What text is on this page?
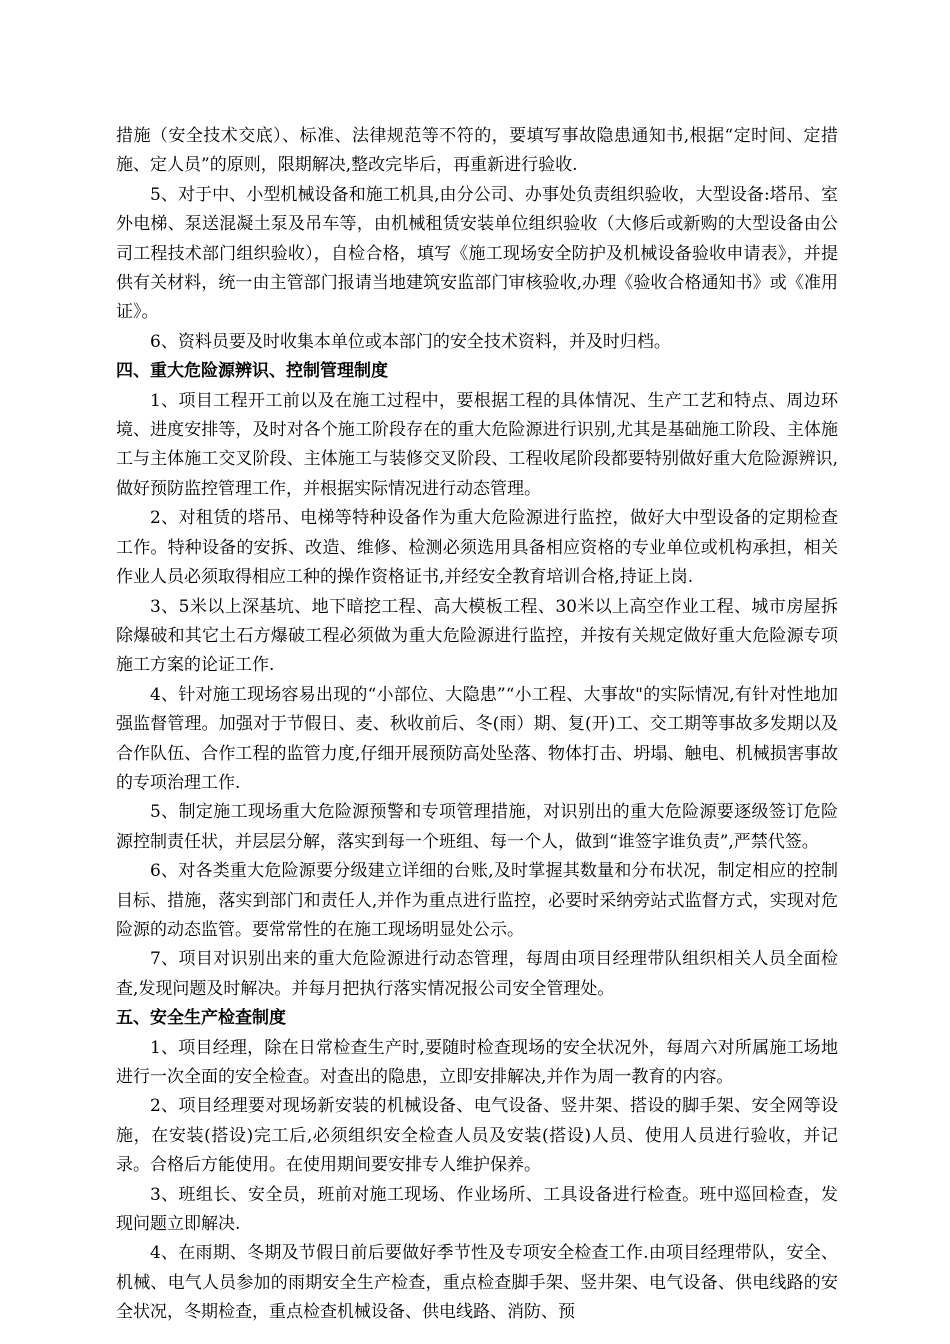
措施（安全技术交底）、标准、法律规范等不符的，要填写事故隐患通知书,根据“定时间、定措施、定人员”的原则，限期解决,整改完毕后，再重新进行验收.

5、对于中、小型机械设备和施工机具,由分公司、办事处负责组织验收，大型设备:塔吊、室外电梯、泵送混凝土泵及吊车等，由机械租赁安装单位组织验收（大修后或新购的大型设备由公司工程技术部门组织验收），自检合格，填写《施工现场安全防护及机械设备验收申请表》，并提供有关材料，统一由主管部门报请当地建筑安监部门审核验收,办理《验收合格通知书》或《准用证》。

6、资料员要及时收集本单位或本部门的安全技术资料，并及时归档。

四、重大危险源辨识、控制管理制度

1、项目工程开工前以及在施工过程中，要根据工程的具体情况、生产工艺和特点、周边环境、进度安排等，及时对各个施工阶段存在的重大危险源进行识别,尤其是基础施工阶段、主体施工与主体施工交叉阶段、主体施工与装修交叉阶段、工程收尾阶段都要特别做好重大危险源辨识,做好预防监控管理工作，并根据实际情况进行动态管理。

2、对租赁的塔吊、电梯等特种设备作为重大危险源进行监控，做好大中型设备的定期检查工作。特种设备的安拆、改造、维修、检测必须选用具备相应资格的专业单位或机构承担，相关作业人员必须取得相应工种的操作资格证书,并经安全教育培训合格,持证上岗.

3、5米以上深基坑、地下暗挖工程、高大模板工程、30米以上高空作业工程、城市房屋拆除爆破和其它土石方爆破工程必须做为重大危险源进行监控，并按有关规定做好重大危险源专项施工方案的论证工作.

4、针对施工现场容易出现的“小部位、大隐患”“小工程、大事故"的实际情况,有针对性地加强监督管理。加强对于节假日、麦、秋收前后、冬(雨）期、复(开)工、交工期等事故多发期以及合作队伍、合作工程的监管力度,仔细开展预防高处坠落、物体打击、坍塌、触电、机械损害事故的专项治理工作.

5、制定施工现场重大危险源预警和专项管理措施，对识别出的重大危险源要逐级签订危险源控制责任状，并层层分解，落实到每一个班组、每一个人，做到“谁签字谁负责”,严禁代签。

6、对各类重大危险源要分级建立详细的台账,及时掌握其数量和分布状况，制定相应的控制目标、措施，落实到部门和责任人,并作为重点进行监控，必要时采纳旁站式监督方式，实现对危险源的动态监管。要常常性的在施工现场明显处公示。

7、项目对识别出来的重大危险源进行动态管理，每周由项目经理带队组织相关人员全面检查,发现问题及时解决。并每月把执行落实情况报公司安全管理处。

五、安全生产检查制度

1、项目经理，除在日常检查生产时,要随时检查现场的安全状况外，每周六对所属施工场地进行一次全面的安全检查。对查出的隐患，立即安排解决,并作为周一教育的内容。

2、项目经理要对现场新安装的机械设备、电气设备、竖井架、搭设的脚手架、安全网等设施，在安装(搭设)完工后,必须组织安全检查人员及安装(搭设)人员、使用人员进行验收，并记录。合格后方能使用。在使用期间要安排专人维护保养。

3、班组长、安全员，班前对施工现场、作业场所、工具设备进行检查。班中巡回检查，发现问题立即解决.

4、在雨期、冬期及节假日前后要做好季节性及专项安全检查工作.由项目经理带队，安全、机械、电气人员参加的雨期安全生产检查，重点检查脚手架、竖井架、电气设备、供电线路的安全状况，冬期检查，重点检查机械设备、供电线路、消防、预
